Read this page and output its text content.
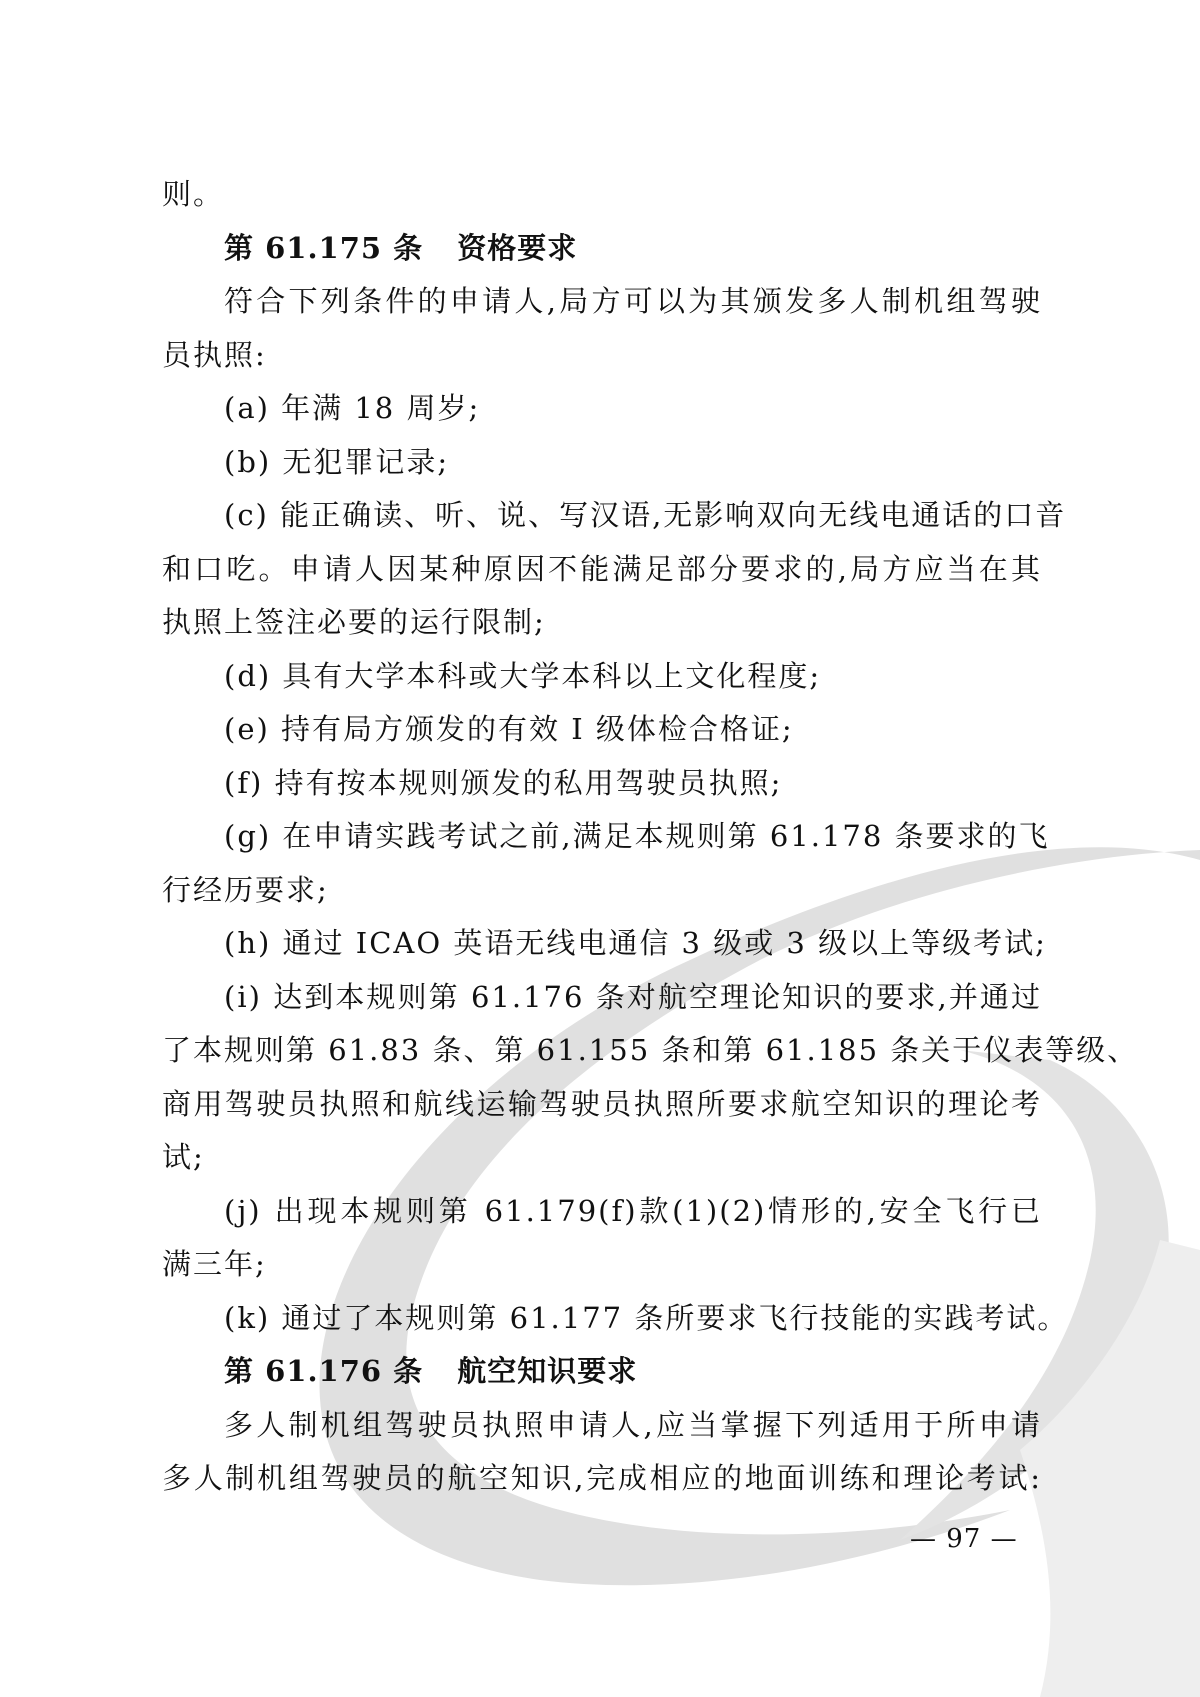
则。
第 61.175 条 资格要求
符合下列条件的申请人,局方可以为其颁发多人制机组驾驶
员执照:
(a) 年满 18 周岁;
(b) 无犯罪记录;
(c) 能正确读、听、说、写汉语,无影响双向无线电通话的口音
和口吃。申请人因某种原因不能满足部分要求的,局方应当在其
执照上签注必要的运行限制;
(d) 具有大学本科或大学本科以上文化程度;
(e) 持有局方颁发的有效 Ⅰ 级体检合格证;
(f) 持有按本规则颁发的私用驾驶员执照;
(g) 在申请实践考试之前,满足本规则第 61.178 条要求的飞
行经历要求;
(h) 通过 ICAO 英语无线电通信 3 级或 3 级以上等级考试;
(i) 达到本规则第 61.176 条对航空理论知识的要求,并通过
了本规则第 61.83 条、第 61.155 条和第 61.185 条关于仪表等级、
商用驾驶员执照和航线运输驾驶员执照所要求航空知识的理论考
试;
(j) 出现本规则第 61.179(f)款(1)(2)情形的,安全飞行已
满三年;
(k) 通过了本规则第 61.177 条所要求飞行技能的实践考试。
第 61.176 条 航空知识要求
多人制机组驾驶员执照申请人,应当掌握下列适用于所申请
多人制机组驾驶员的航空知识,完成相应的地面训练和理论考试:
— 97 —
